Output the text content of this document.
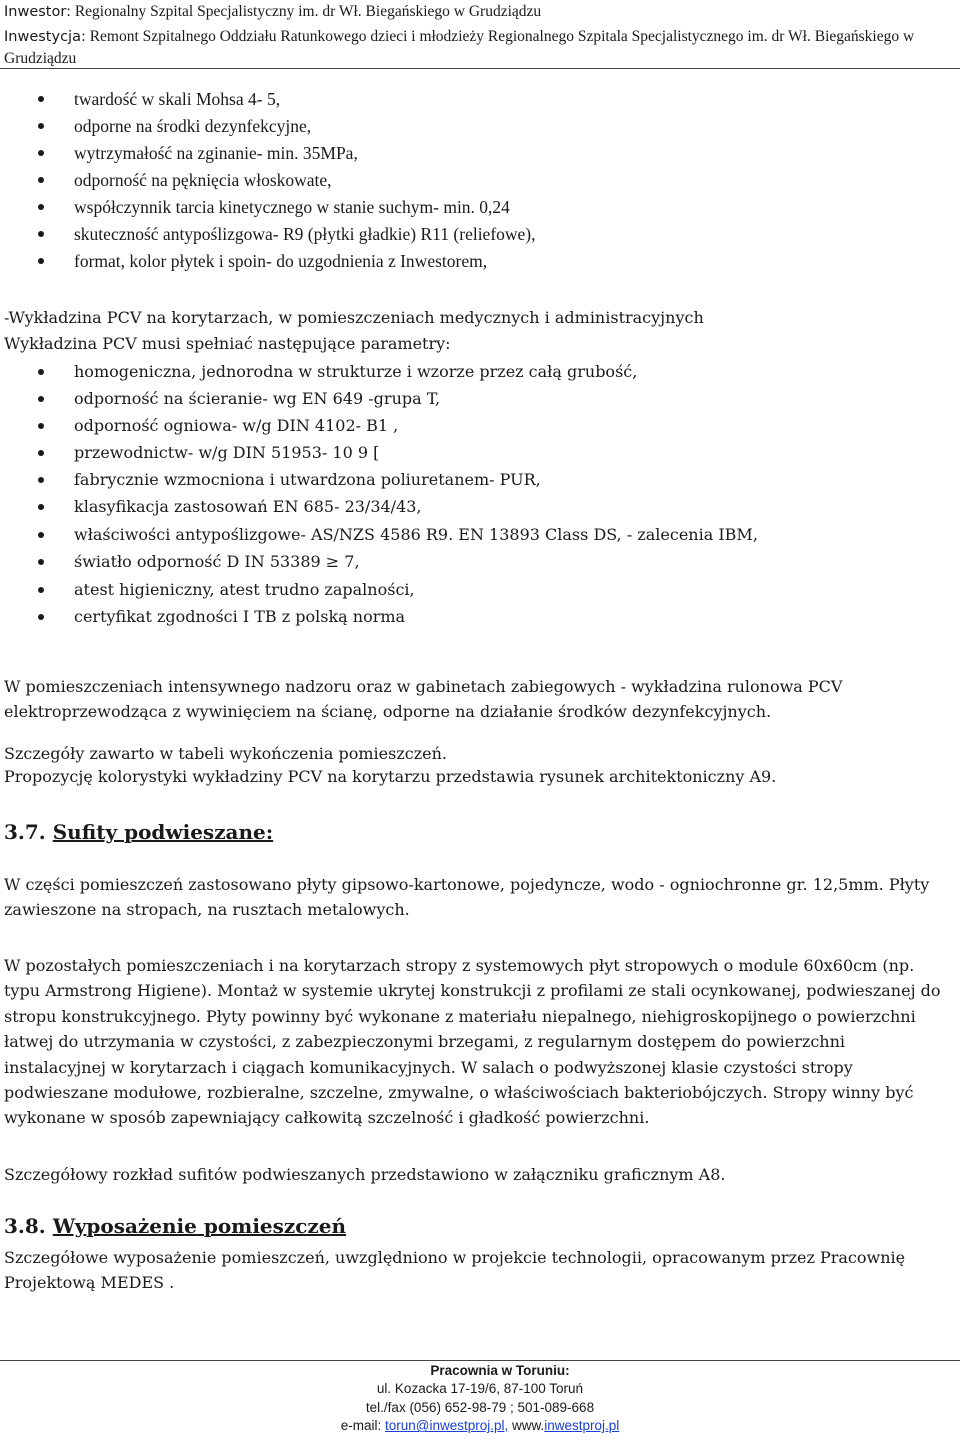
Inwestor: Regionalny Szpital Specjalistyczny im. dr Wł. Biegańskiego w Grudziądzu
Inwestycja: Remont Szpitalnego Oddziału Ratunkowego dzieci i młodzieży Regionalnego Szpitala Specjalistycznego im. dr Wł. Biegańskiego w Grudziądzu
twardość w skali Mohsa 4- 5,
odporne na środki dezynfekcyjne,
wytrzymałość na zginanie- min. 35MPa,
odporność na pęknięcia włoskowate,
współczynnik tarcia kinetycznego w stanie suchym- min. 0,24
skuteczność antypoślizgowa- R9 (płytki gładkie) R11 (reliefowe),
format, kolor płytek i spoin- do uzgodnienia z Inwestorem,
-Wykładzina PCV na korytarzach, w pomieszczeniach medycznych i administracyjnych
Wykładzina PCV musi spełniać następujące parametry:
homogeniczna, jednorodna w strukturze i wzorze przez całą grubość,
odporność na ścieranie- wg EN 649 -grupa T,
odporność ogniowa- w/g DIN 4102- B1 ,
przewodnictw- w/g DIN 51953- 10 9 [
fabrycznie wzmocniona i utwardzona poliuretanem- PUR,
klasyfikacja zastosowań EN 685- 23/34/43,
właściwości antypoślizgowe- AS/NZS 4586 R9. EN 13893 Class DS, - zalecenia IBM,
światło odporność D IN 53389 ≥ 7,
atest higieniczny, atest trudno zapalności,
certyfikat zgodności I TB z polską norma
W pomieszczeniach intensywnego nadzoru oraz w gabinetach zabiegowych - wykładzina rulonowa PCV elektroprzewodząca z wywinięciem na ścianę, odporne na działanie środków dezynfekcyjnych.
Szczegóły zawarto w tabeli wykończenia pomieszczeń.
Propozycję kolorystyki wykładziny PCV na korytarzu przedstawia rysunek architektoniczny A9.
3.7. Sufity podwieszane:
W części pomieszczeń zastosowano płyty gipsowo-kartonowe, pojedyncze, wodo - ogniochronne gr. 12,5mm. Płyty zawieszone na stropach, na rusztach metalowych.
W pozostałych pomieszczeniach i na korytarzach stropy z systemowych płyt stropowych o module 60x60cm (np. typu Armstrong Higiene). Montaż w systemie ukrytej konstrukcji z profilami ze stali ocynkowanej, podwieszanej do stropu konstrukcyjnego. Płyty powinny być wykonane z materiału niepalnego, niehigroskopijnego o powierzchni łatwej do utrzymania w czystości, z zabezpieczonymi brzegami, z regularnym dostępem do powierzchni instalacyjnej w korytarzach i ciągach komunikacyjnych. W salach o podwyższonej klasie czystości stropy podwieszane modułowe, rozbieralne, szczelne, zmywalne, o właściwościach bakteriobójczych. Stropy winny być wykonane w sposób zapewniający całkowitą szczelność i gładkość powierzchni.
Szczegółowy rozkład sufitów podwieszanych przedstawiono w załączniku graficznym A8.
3.8. Wyposażenie pomieszczeń
Szczegółowe wyposażenie pomieszczeń, uwzględniono w projekcie technologii, opracowanym przez Pracownię Projektową MEDES .
Pracownia w Toruniu:
ul. Kozacka 17-19/6, 87-100 Toruń
tel./fax (056) 652-98-79 ; 501-089-668
e-mail: torun@inwestproj.pl, www.inwestproj.pl
